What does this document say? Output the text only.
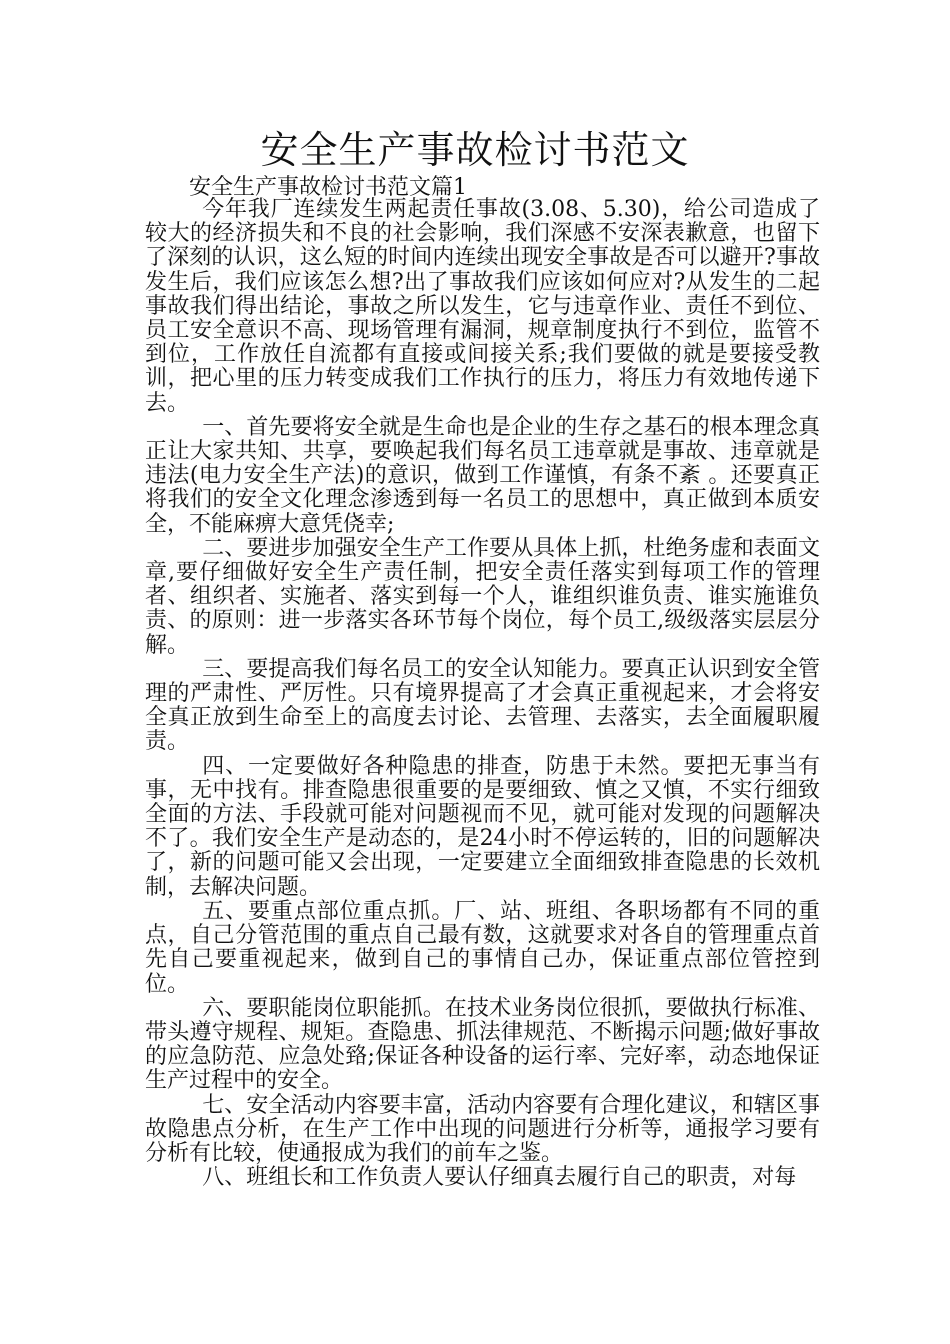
安全生产事故检讨书范文
安全生产事故检讨书范文篇1

今年我厂连续发生两起责任事故(3.08、5.30)，给公司造成了较大的经济损失和不良的社会影响，我们深感不安深表歉意，也留下了深刻的认识，这么短的时间内连续出现安全事故是否可以避开?事故发生后，我们应该怎么想?出了事故我们应该如何应对?从发生的二起事故我们得出结论，事故之所以发生，它与违章作业、责任不到位、员工安全意识不高、现场管理有漏洞，规章制度执行不到位，监管不到位，工作放任自流都有直接或间接关系;我们要做的就是要接受教训，把心里的压力转变成我们工作执行的压力，将压力有效地传递下去。

一、首先要将安全就是生命也是企业的生存之基石的根本理念真正让大家共知、共享，要唤起我们每名员工违章就是事故、违章就是违法(电力安全生产法)的意识，做到工作谨慎，有条不紊 。还要真正将我们的安全文化理念渗透到每一名员工的思想中，真正做到本质安全，不能麻痹大意凭侥幸;

二、要进步加强安全生产工作要从具体上抓，杜绝务虚和表面文章,要仔细做好安全生产责任制，把安全责任落实到每项工作的管理者、组织者、实施者、落实到每一个人，谁组织谁负责、谁实施谁负责、的原则：进一步落实各环节每个岗位，每个员工,级级落实层层分解。

三、要提高我们每名员工的安全认知能力。要真正认识到安全管理的严肃性、严厉性。只有境界提高了才会真正重视起来，才会将安全真正放到生命至上的高度去讨论、去管理、去落实，去全面履职履责。

四、一定要做好各种隐患的排查，防患于未然。要把无事当有事，无中找有。排查隐患很重要的是要细致、慎之又慎，不实行细致全面的方法、手段就可能对问题视而不见，就可能对发现的问题解决不了。我们安全生产是动态的，是24小时不停运转的，旧的问题解决了，新的问题可能又会出现，一定要建立全面细致排查隐患的长效机制，去解决问题。

五、要重点部位重点抓。厂、站、班组、各职场都有不同的重点，自己分管范围的重点自己最有数，这就要求对各自的管理重点首先自己要重视起来，做到自己的事情自己办，保证重点部位管控到位。

六、要职能岗位职能抓。在技术业务岗位很抓，要做执行标准、带头遵守规程、规矩。查隐患、抓法律规范、不断揭示问题;做好事故的应急防范、应急处臵;保证各种设备的运行率、完好率，动态地保证生产过程中的安全。

七、安全活动内容要丰富，活动内容要有合理化建议，和辖区事故隐患点分析，在生产工作中出现的问题进行分析等，通报学习要有分析有比较，使通报成为我们的前车之鉴。

八、班组长和工作负责人要认仔细真去履行自己的职责，对每
